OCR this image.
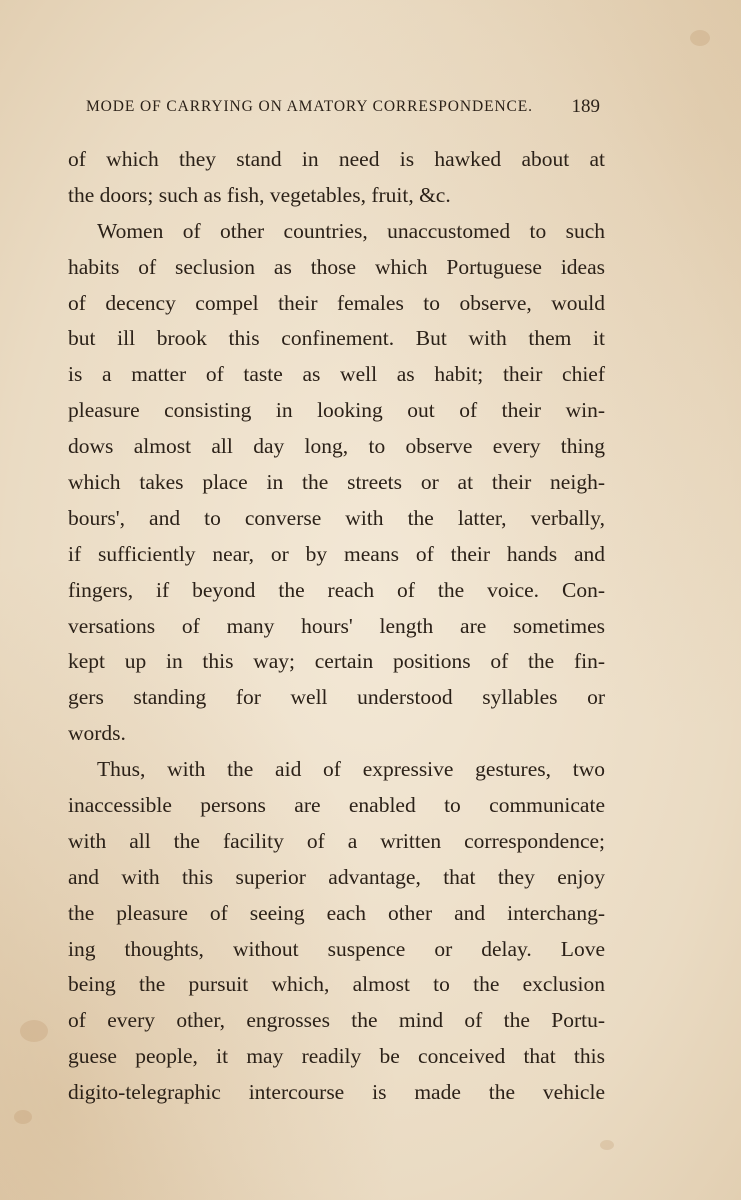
MODE OF CARRYING ON AMATORY CORRESPONDENCE. 189
of which they stand in need is hawked about at
the doors; such as fish, vegetables, fruit, &c.
Women of other countries, unaccustomed to such
habits of seclusion as those which Portuguese ideas
of decency compel their females to observe, would
but ill brook this confinement. But with them it
is a matter of taste as well as habit; their chief
pleasure consisting in looking out of their win-
dows almost all day long, to observe every thing
which takes place in the streets or at their neigh-
bours', and to converse with the latter, verbally,
if sufficiently near, or by means of their hands and
fingers, if beyond the reach of the voice. Con-
versations of many hours' length are sometimes
kept up in this way; certain positions of the fin-
gers standing for well understood syllables or
words.
Thus, with the aid of expressive gestures, two
inaccessible persons are enabled to communicate
with all the facility of a written correspondence;
and with this superior advantage, that they enjoy
the pleasure of seeing each other and interchang-
ing thoughts, without suspence or delay. Love
being the pursuit which, almost to the exclusion
of every other, engrosses the mind of the Portu-
guese people, it may readily be conceived that this
digito-telegraphic intercourse is made the vehicle
